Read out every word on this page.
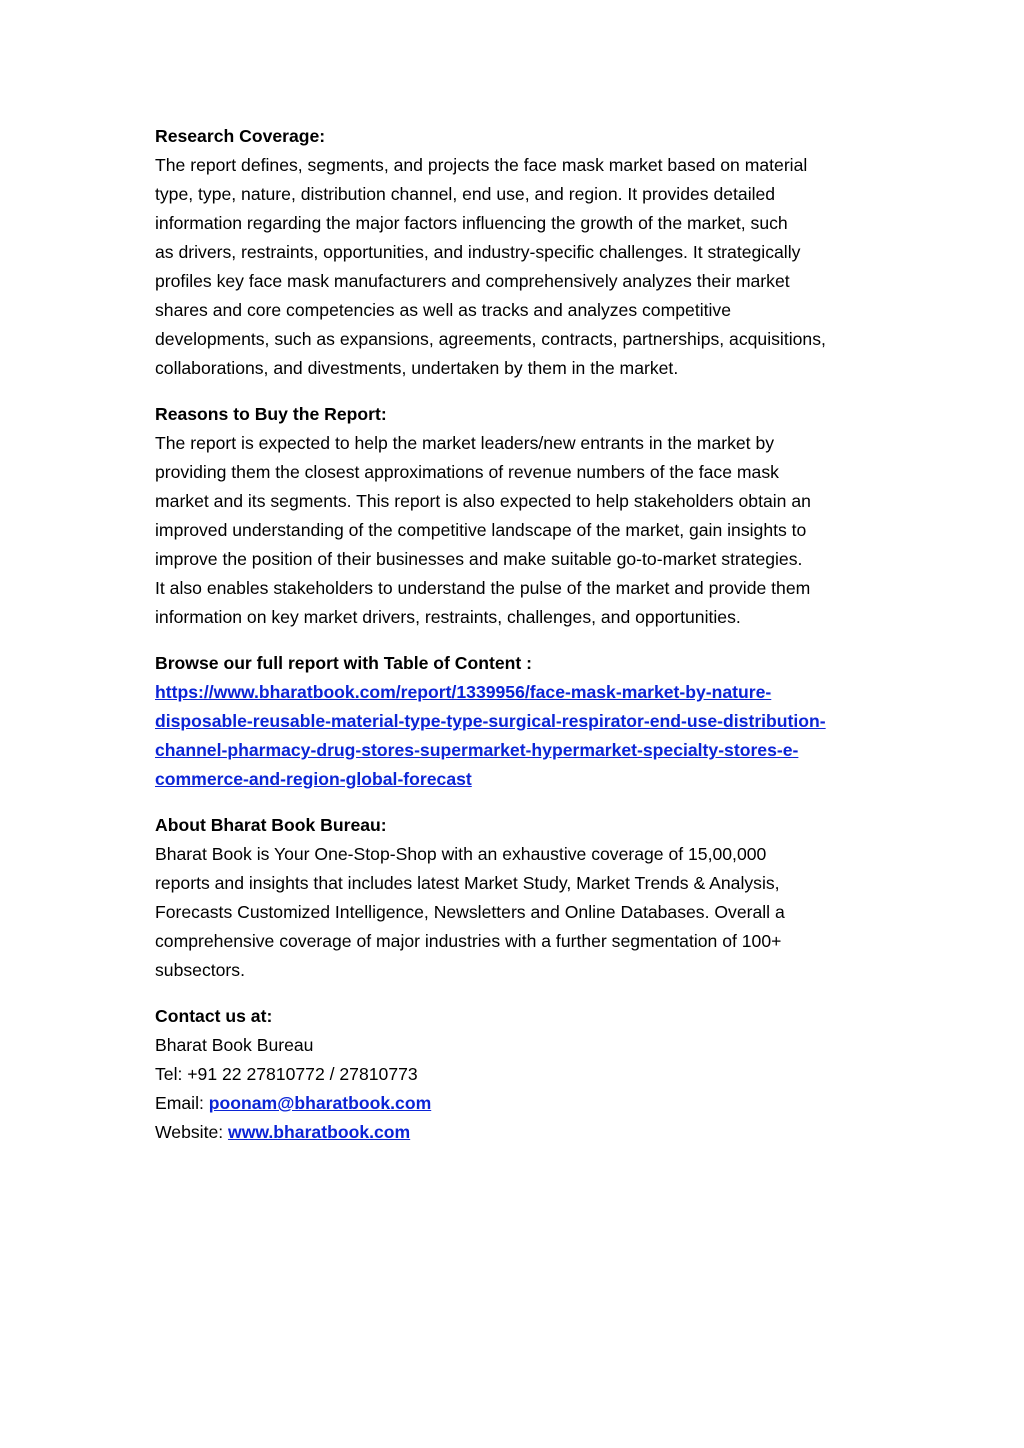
Research Coverage:
The report defines, segments, and projects the face mask market based on material
type, type, nature, distribution channel, end use, and region. It provides detailed
information regarding the major factors influencing the growth of the market, such
as drivers, restraints, opportunities, and industry-specific challenges. It strategically
profiles key face mask manufacturers and comprehensively analyzes their market
shares and core competencies as well as tracks and analyzes competitive
developments, such as expansions, agreements, contracts, partnerships, acquisitions,
collaborations, and divestments, undertaken by them in the market.
Reasons to Buy the Report:
The report is expected to help the market leaders/new entrants in the market by
providing them the closest approximations of revenue numbers of the face mask
market and its segments. This report is also expected to help stakeholders obtain an
improved understanding of the competitive landscape of the market, gain insights to
improve the position of their businesses and make suitable go-to-market strategies.
It also enables stakeholders to understand the pulse of the market and provide them
information on key market drivers, restraints, challenges, and opportunities.
Browse our full report with Table of Content :
https://www.bharatbook.com/report/1339956/face-mask-market-by-nature-
disposable-reusable-material-type-type-surgical-respirator-end-use-distribution-
channel-pharmacy-drug-stores-supermarket-hypermarket-specialty-stores-e-
commerce-and-region-global-forecast
About Bharat Book Bureau:
Bharat Book is Your One-Stop-Shop with an exhaustive coverage of 15,00,000
reports and insights that includes latest Market Study, Market Trends & Analysis,
Forecasts Customized Intelligence, Newsletters and Online Databases. Overall a
comprehensive coverage of major industries with a further segmentation of 100+
subsectors.
Contact us at:
Bharat Book Bureau
Tel: +91 22 27810772 / 27810773
Email: poonam@bharatbook.com
Website: www.bharatbook.com
